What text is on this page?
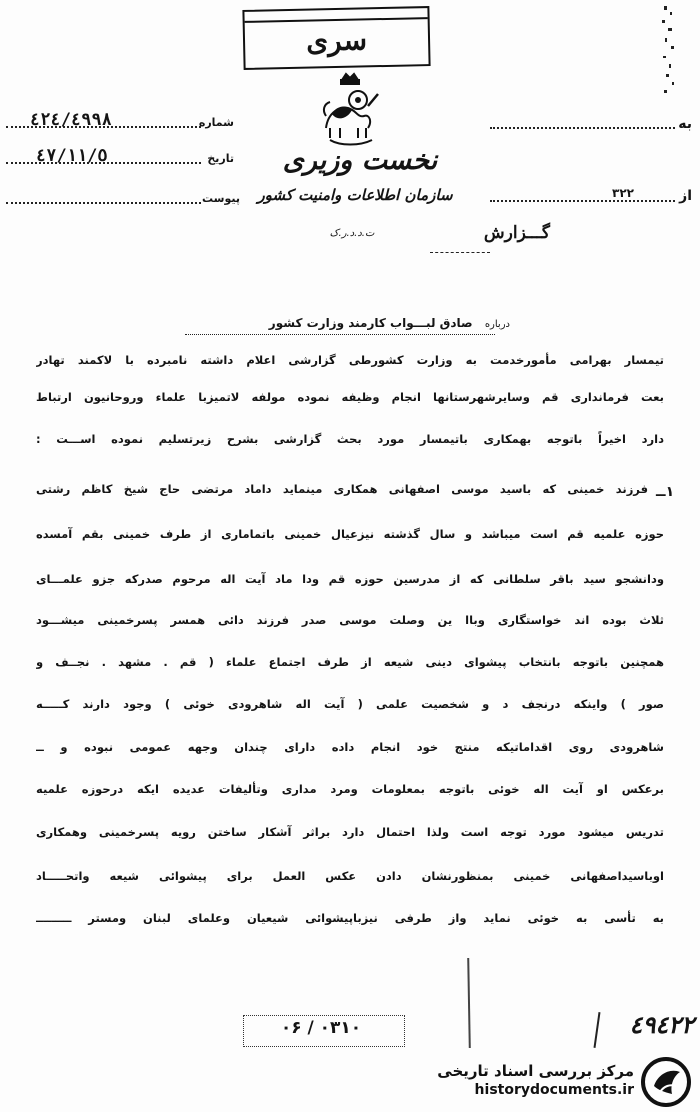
سری
نخست وزیری
سازمان اطلاعات وامنیت کشور
ت.د.د.ر.ک	گـــزارش
٤٢٤/٤٩٩٨	شماره
٤٧/١١/٥	تاریخ
پیوست
به
٣٢٢	از
درباره صادق لبـــواب کارمند وزارت کشور
تیمسار بهرامی مأمورخدمت به وزارت کشورطی گزارشی اعلام داشته نامبرده با لاکمند تهادر
بعت فرمانداری قم وسایرشهرستانها انجام وظیفه نموده مولفه لاتمیزبا علماء وروحانیون ارتباط
دارد اخیراً باتوجه بهمکاری باتیمسار مورد بحث گزارشی بشرح زیرتسلیم نموده اســـت :
فرزند خمینی که باسید موسی اصفهانی همکاری مینماید داماد مرتضی حاج شیخ کاظم رشتی
حوزه علمیه قم است میباشد و سال گذشته نیزعیال خمینی باتماماری از طرف خمینی بقم آمسده
ودانشجو سید باقر سلطانی که از مدرسین حوزه قم ودا ماد آیت اله مرحوم صدرکه جزو علمـــای
ثلاث بوده اند خواستگاری وباا ین وصلت موسی صدر فرزند دائی همسر پسرخمینی میشـــود
همچنین باتوجه بانتخاب پیشوای دینی شیعه از طرف اجتماع علماء ( قم . مشهد . نجــف و
صور ) واینکه درنجف د و شخصیت علمی ( آیت اله شاهرودی خوئی ) وجود دارند کـــــه
شاهرودی روی اقداماتیکه منتج خود انجام داده دارای چندان وجهه عمومی نبوده و ــ
برعکس او آیت اله خوئی باتوجه بمعلومات ومرد مداری وتألیفات عدیده ایکه درحوزه علمیه
تدریس میشود مورد توجه است ولذا احتمال دارد براثر آشکار ساختن رویه پسرخمینی وهمکاری
اوباسیداصفهانی خمینی بمنظورنشان دادن عکس العمل برای پیشوائی شیعه واتحـــــاد
به تأسی به خوئی نماید واز طرفی نیزباپیشوائی شیعیان وعلمای لبنان ومستر ـــــــــ
١ــ
۰۳۱۰ / ۰۶	٤٩٤٢٢
مرکز بررسی اسناد تاریخی
historydocuments.ir
